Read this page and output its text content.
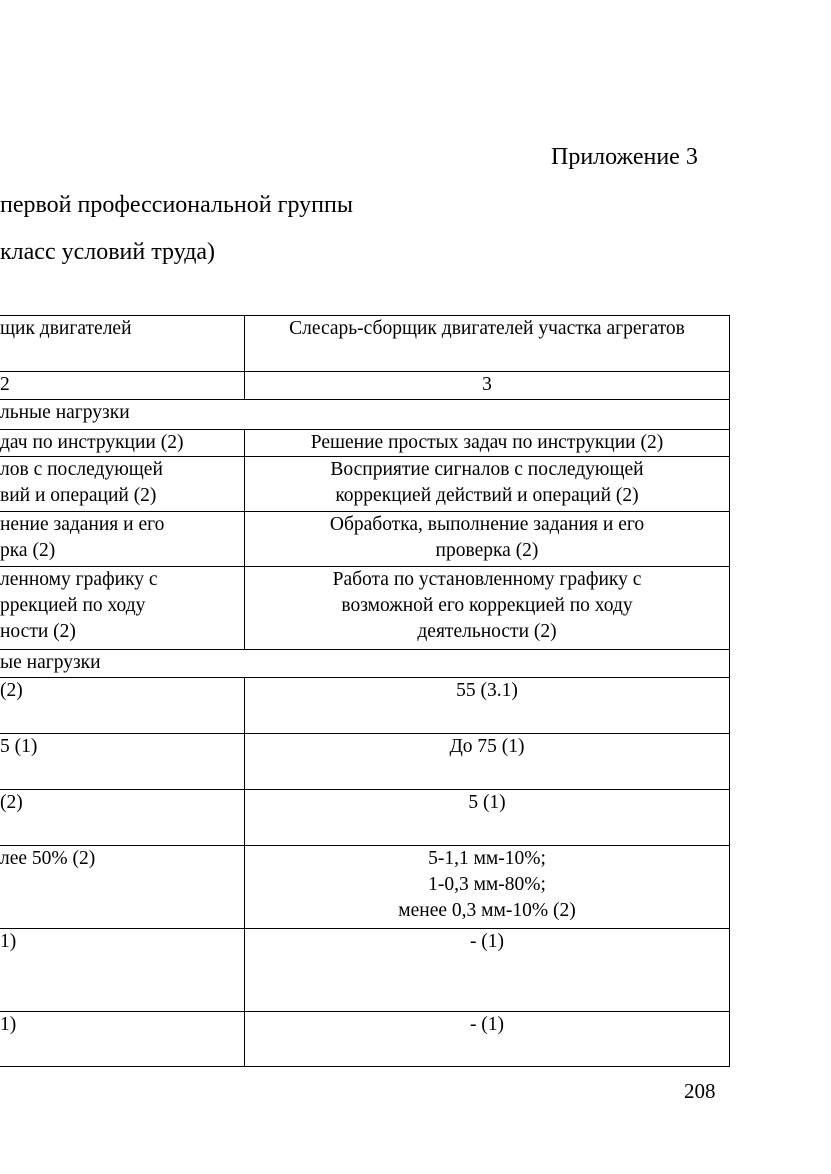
Приложение 3
первой профессиональной группы
класс условий труда)
щик двигателей	Слесарь-сборщик двигателей участка агрегатов

2	3
льные нагрузки	

дач по инструкции (2)	Решение простых задач по инструкции (2)

лов с последующей
вий и операций (2)	Восприятие сигналов с последующей
коррекцией действий и операций (2)

нение задания и его
рка (2)	Обработка, выполнение задания и его
проверка (2)

ленному графику с
ррекцией по ходу
ности (2)	Работа по установленному графику с
возможной его коррекцией по ходу
деятельности (2)
ые нагрузки	

(2)	55 (3.1)

5 (1)	До 75 (1)

(2)	5 (1)

лее 50% (2)	5-1,1 мм-10%;
1-0,3 мм-80%;
менее 0,3 мм-10% (2)

1)	- (1)

1)	- (1)
208
